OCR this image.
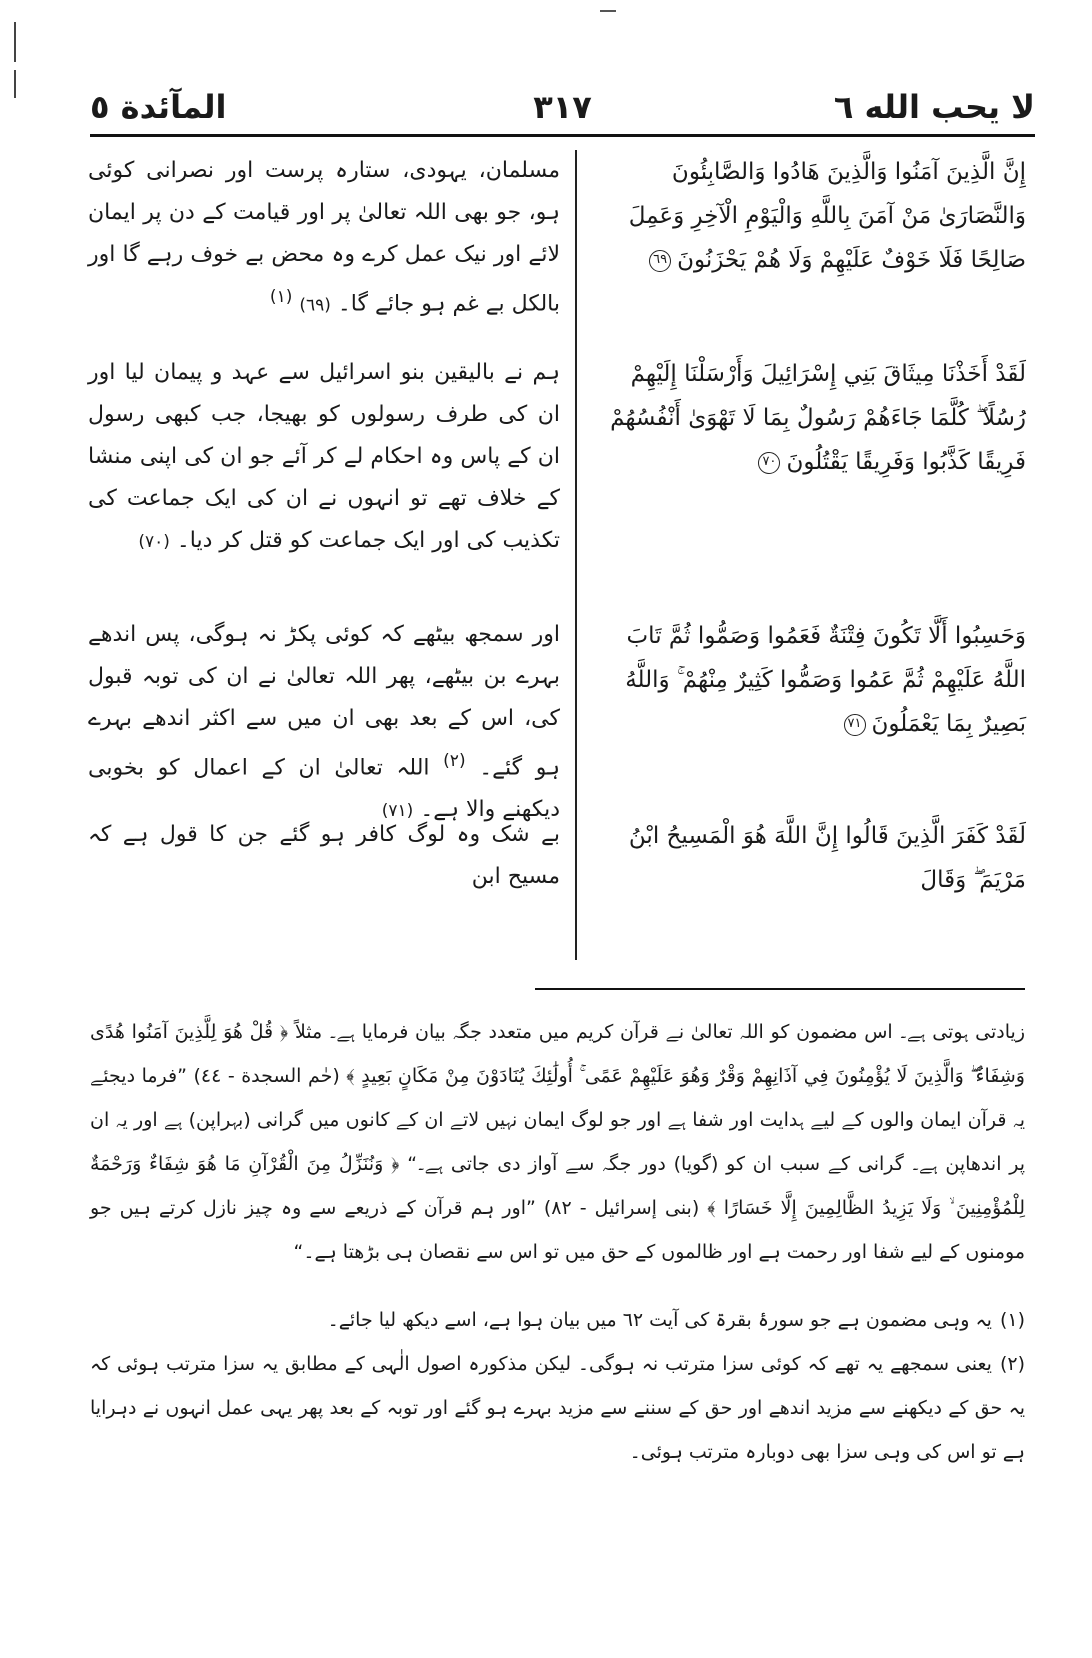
٣١٧
المآئدة ٥	لا يحب الله ٦
إِنَّ الَّذِينَ آمَنُوا وَالَّذِينَ هَادُوا وَالصَّابِئُونَ وَالنَّصَارَىٰ مَنْ آمَنَ بِاللَّهِ وَالْيَوْمِ الْآخِرِ وَعَمِلَ صَالِحًا فَلَا خَوْفٌ عَلَيْهِمْ وَلَا هُمْ يَحْزَنُونَ٦٩
مسلمان، یہودی، ستارہ پرست اور نصرانی کوئی ہو، جو بھی اللہ تعالیٰ پر اور قیامت کے دن پر ایمان لائے اور نیک عمل کرے وہ محض بے خوف رہے گا اور بالکل بے غم ہو جائے گا۔ $^{(١)}$ (٦٩)
لَقَدْ أَخَذْنَا مِيثَاقَ بَنِي إِسْرَائِيلَ وَأَرْسَلْنَا إِلَيْهِمْ رُسُلًا ۖ كُلَّمَا جَاءَهُمْ رَسُولٌ بِمَا لَا تَهْوَىٰ أَنْفُسُهُمْ فَرِيقًا كَذَّبُوا وَفَرِيقًا يَقْتُلُونَ٧٠
ہم نے بالیقین بنو اسرائیل سے عہد و پیمان لیا اور ان کی طرف رسولوں کو بھیجا، جب کبھی رسول ان کے پاس وہ احکام لے کر آئے جو ان کی اپنی منشا کے خلاف تھے تو انہوں نے ان کی ایک جماعت کی تکذیب کی اور ایک جماعت کو قتل کر دیا۔ (٧٠)
وَحَسِبُوا أَلَّا تَكُونَ فِتْنَةٌ فَعَمُوا وَصَمُّوا ثُمَّ تَابَ اللَّهُ عَلَيْهِمْ ثُمَّ عَمُوا وَصَمُّوا كَثِيرٌ مِنْهُمْ ۚ وَاللَّهُ بَصِيرٌ بِمَا يَعْمَلُونَ٧١
اور سمجھ بیٹھے کہ کوئی پکڑ نہ ہوگی، پس اندھے بہرے بن بیٹھے، پھر اللہ تعالیٰ نے ان کی توبہ قبول کی، اس کے بعد بھی ان میں سے اکثر اندھے بہرے ہو گئے۔ $^{(٢)}$ اللہ تعالیٰ ان کے اعمال کو بخوبی دیکھنے والا ہے۔ (٧١)
لَقَدْ كَفَرَ الَّذِينَ قَالُوا إِنَّ اللَّهَ هُوَ الْمَسِيحُ ابْنُ مَرْيَمَ ۖ وَقَالَ
بے شک وہ لوگ کافر ہو گئے جن کا قول ہے کہ مسیح ابن
زیادتی ہوتی ہے۔ اس مضمون کو اللہ تعالیٰ نے قرآن کریم میں متعدد جگہ بیان فرمایا ہے۔ مثلاً ﴿ قُلْ هُوَ لِلَّذِينَ آمَنُوا هُدًى وَشِفَاءٌ ۖ وَالَّذِينَ لَا يُؤْمِنُونَ فِي آذَانِهِمْ وَقْرٌ وَهُوَ عَلَيْهِمْ عَمًى ۚ أُولَٰئِكَ يُنَادَوْنَ مِنْ مَكَانٍ بَعِيدٍ ﴾ (حٰم السجدة - ٤٤) ”فرما دیجئے یہ قرآن ایمان والوں کے لیے ہدایت اور شفا ہے اور جو لوگ ایمان نہیں لاتے ان کے کانوں میں گرانی (بہراپن) ہے اور یہ ان پر اندھاپن ہے۔ گرانی کے سبب ان کو (گویا) دور جگہ سے آواز دی جاتی ہے۔“ ﴿ وَنُنَزِّلُ مِنَ الْقُرْآنِ مَا هُوَ شِفَاءٌ وَرَحْمَةٌ لِلْمُؤْمِنِينَ ۙ وَلَا يَزِيدُ الظَّالِمِينَ إِلَّا خَسَارًا ﴾ (بنی إسرائیل - ٨٢) ”اور ہم قرآن کے ذریعے سے وہ چیز نازل کرتے ہیں جو مومنوں کے لیے شفا اور رحمت ہے اور ظالموں کے حق میں تو اس سے نقصان ہی بڑھتا ہے۔“
(١)یہ وہی مضمون ہے جو سورۂ بقرۃ کی آیت ٦٢ میں بیان ہوا ہے، اسے دیکھ لیا جائے۔
(٢)یعنی سمجھے یہ تھے کہ کوئی سزا مترتب نہ ہوگی۔ لیکن مذکورہ اصول الٰہی کے مطابق یہ سزا مترتب ہوئی کہ یہ حق کے دیکھنے سے مزید اندھے اور حق کے سننے سے مزید بہرے ہو گئے اور توبہ کے بعد پھر یہی عمل انہوں نے دہرایا ہے تو اس کی وہی سزا بھی دوبارہ مترتب ہوئی۔
